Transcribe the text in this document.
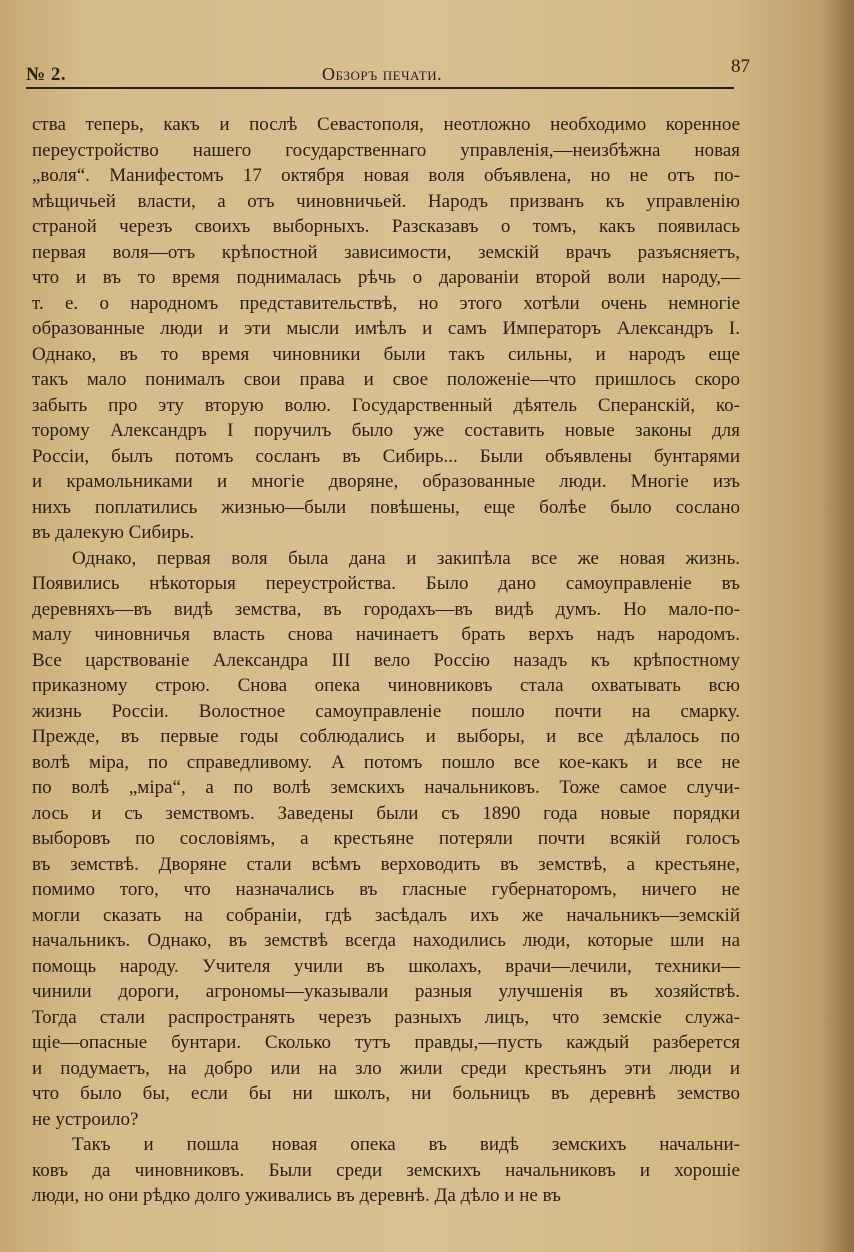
№ 2.	Обзоръ печати.	87

ства теперь, какъ и послѣ Севастополя, неотложно необходимо коренное
переустройство нашего государственнаго управленія,—неизбѣжна новая
„воля“. Манифестомъ 17 октября новая воля объявлена, но не отъ по-
мѣщичьей власти, а отъ чиновничьей. Народъ призванъ къ управленію
страной черезъ своихъ выборныхъ. Разсказавъ о томъ, какъ появилась
первая воля—отъ крѣпостной зависимости, земскій врачъ разъясняетъ,
что и въ то время поднималась рѣчь о дарованіи второй воли народу,—
т. е. о народномъ представительствѣ, но этого хотѣли очень немногіе
образованные люди и эти мысли имѣлъ и самъ Императоръ Александръ I.
Однако, въ то время чиновники были такъ сильны, и народъ еще
такъ мало понималъ свои права и свое положеніе—что пришлось скоро
забыть про эту вторую волю. Государственный дѣятель Сперанскій, ко-
торому Александръ I поручилъ было уже составить новые законы для
Россіи, былъ потомъ сосланъ въ Сибирь... Были объявлены бунтарями
и крамольниками и многіе дворяне, образованные люди. Многіе изъ
нихъ поплатились жизнью—были повѣшены, еще болѣе было сослано
въ далекую Сибирь.

Однако, первая воля была дана и закипѣла все же новая жизнь.
Появились нѣкоторыя переустройства. Было дано самоуправленіе въ
деревняхъ—въ видѣ земства, въ городахъ—въ видѣ думъ. Но мало-по-
малу чиновничья власть снова начинаетъ брать верхъ надъ народомъ.
Все царствованіе Александра III вело Россію назадъ къ крѣпостному
приказному строю. Снова опека чиновниковъ стала охватывать всю
жизнь Россіи. Волостное самоуправленіе пошло почти на смарку.
Прежде, въ первые годы соблюдались и выборы, и все дѣлалось по
волѣ міра, по справедливому. А потомъ пошло все кое-какъ и все не
по волѣ „міра“, а по волѣ земскихъ начальниковъ. Тоже самое случи-
лось и съ земствомъ. Заведены были съ 1890 года новые порядки
выборовъ по сословіямъ, а крестьяне потеряли почти всякій голосъ
въ земствѣ. Дворяне стали всѣмъ верховодить въ земствѣ, а крестьяне,
помимо того, что назначались въ гласные губернаторомъ, ничего не
могли сказать на собраніи, гдѣ засѣдалъ ихъ же начальникъ—земскій
начальникъ. Однако, въ земствѣ всегда находились люди, которые шли на
помощь народу. Учителя учили въ школахъ, врачи—лечили, техники—
чинили дороги, агрономы—указывали разныя улучшенія въ хозяйствѣ.
Тогда стали распространять черезъ разныхъ лицъ, что земскіе служа-
щіе—опасные бунтари. Сколько тутъ правды,—пусть каждый разберется
и подумаетъ, на добро или на зло жили среди крестьянъ эти люди и
что было бы, если бы ни школъ, ни больницъ въ деревнѣ земство
не устроило?

Такъ и пошла новая опека въ видѣ земскихъ начальни-
ковъ да чиновниковъ. Были среди земскихъ начальниковъ и хорошіе
люди, но они рѣдко долго уживались въ деревнѣ. Да дѣло и не въ
